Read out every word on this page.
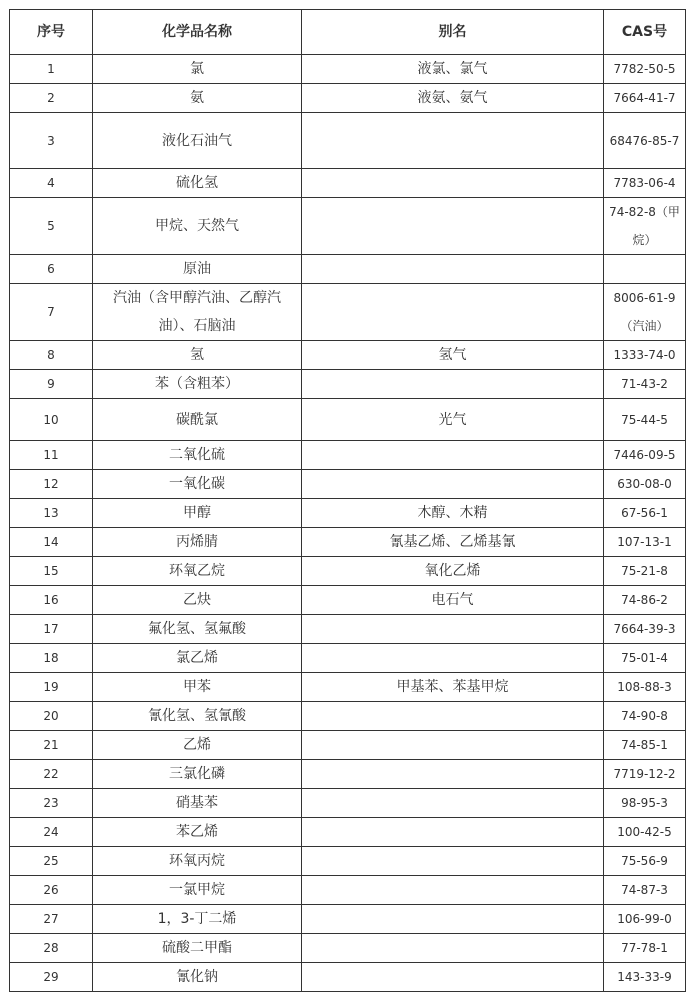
序号	化学品名称	别名	CAS号
1	氯	液氯、氯气	7782-50-5

2	氨	液氨、氨气	7664-41-7

3	液化石油气		68476-85-7

4	硫化氢		7783-06-4

5	甲烷、天然气		74-82-8（甲烷）

6	原油		

7	汽油（含甲醇汽油、乙醇汽油）、石脑油		8006-61-9（汽油）

8	氢	氢气	1333-74-0

9	苯（含粗苯）		71-43-2

10	碳酰氯	光气	75-44-5

11	二氧化硫		7446-09-5

12	一氧化碳		630-08-0

13	甲醇	木醇、木精	67-56-1

14	丙烯腈	氰基乙烯、乙烯基氰	107-13-1

15	环氧乙烷	氧化乙烯	75-21-8

16	乙炔	电石气	74-86-2

17	氟化氢、氢氟酸		7664-39-3

18	氯乙烯		75-01-4

19	甲苯	甲基苯、苯基甲烷	108-88-3

20	氰化氢、氢氰酸		74-90-8

21	乙烯		74-85-1

22	三氯化磷		7719-12-2

23	硝基苯		98-95-3

24	苯乙烯		100-42-5

25	环氧丙烷		75-56-9

26	一氯甲烷		74-87-3

27	1，3-丁二烯		106-99-0

28	硫酸二甲酯		77-78-1

29	氰化钠		143-33-9
